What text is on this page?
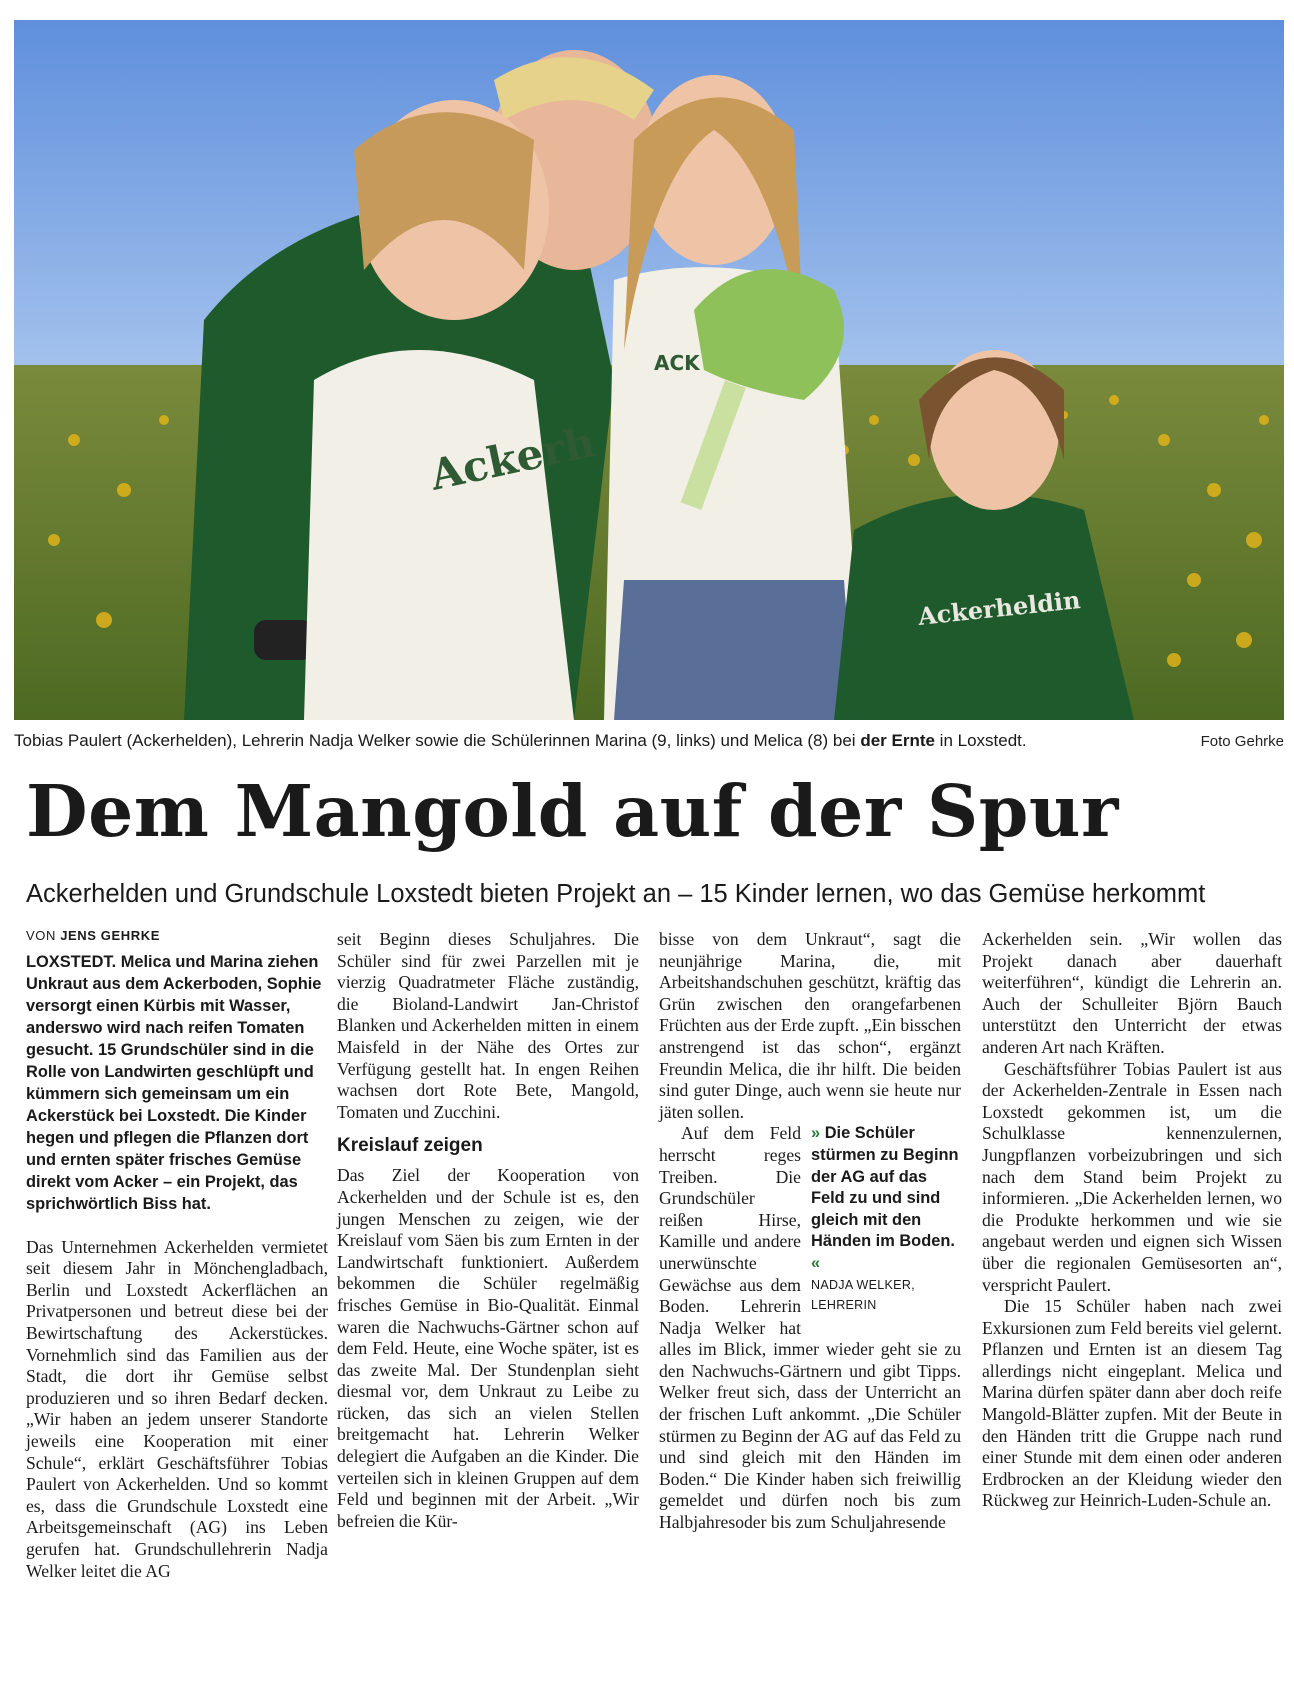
Ackerh
ACK
Ackerheldin
Tobias Paulert (Ackerhelden), Lehrerin Nadja Welker sowie die Schülerinnen Marina (9, links) und Melica (8) bei der Ernte in Loxstedt.	Foto Gehrke
Dem Mangold auf der Spur

Ackerhelden und Grundschule Loxstedt bieten Projekt an – 15 Kinder lernen, wo das Gemüse herkommt

VON JENS GEHRKE

LOXSTEDT. Melica und Marina ziehen Unkraut aus dem Ackerboden, Sophie versorgt einen Kürbis mit Wasser, anderswo wird nach reifen Tomaten gesucht. 15 Grundschüler sind in die Rolle von Landwirten geschlüpft und kümmern sich gemeinsam um ein Ackerstück bei Loxstedt. Die Kinder hegen und pflegen die Pflanzen dort und ernten später frisches Gemüse direkt vom Acker – ein Projekt, das sprichwörtlich Biss hat.

Das Unternehmen Ackerhelden vermietet seit diesem Jahr in Mönchengladbach, Berlin und Loxstedt Ackerflächen an Privatpersonen und betreut diese bei der Bewirtschaftung des Ackerstückes. Vornehmlich sind das Familien aus der Stadt, die dort ihr Gemüse selbst produzieren und so ihren Bedarf decken. „Wir haben an jedem unserer Standorte jeweils eine Kooperation mit einer Schule“, erklärt Geschäftsführer Tobias Paulert von Ackerhelden. Und so kommt es, dass die Grundschule Loxstedt eine Arbeitsgemeinschaft (AG) ins Leben gerufen hat. Grundschullehrerin Nadja Welker leitet die AG

seit Beginn dieses Schuljahres. Die Schüler sind für zwei Parzellen mit je vierzig Quadratmeter Fläche zuständig, die Bioland-Landwirt Jan-Christof Blanken und Ackerhelden mitten in einem Maisfeld in der Nähe des Ortes zur Verfügung gestellt hat. In engen Reihen wachsen dort Rote Bete, Mangold, Tomaten und Zucchini.

Kreislauf zeigen

Das Ziel der Kooperation von Ackerhelden und der Schule ist es, den jungen Menschen zu zeigen, wie der Kreislauf vom Säen bis zum Ernten in der Landwirtschaft funktioniert. Außerdem bekommen die Schüler regelmäßig frisches Gemüse in Bio-Qualität. Einmal waren die Nachwuchs-Gärtner schon auf dem Feld. Heute, eine Woche später, ist es das zweite Mal. Der Stundenplan sieht diesmal vor, dem Unkraut zu Leibe zu rücken, das sich an vielen Stellen breitgemacht hat. Lehrerin Welker delegiert die Aufgaben an die Kinder. Die verteilen sich in kleinen Gruppen auf dem Feld und beginnen mit der Arbeit. „Wir befreien die Kür-

bisse von dem Unkraut“, sagt die neunjährige Marina, die, mit Arbeitshandschuhen geschützt, kräftig das Grün zwischen den orangefarbenen Früchten aus der Erde zupft. „Ein bisschen anstrengend ist das schon“, ergänzt Freundin Melica, die ihr hilft. Die beiden sind guter Dinge, auch wenn sie heute nur jäten sollen.

» Die Schüler stürmen zu Beginn der AG auf das Feld zu und sind gleich mit den Händen im Boden. «
NADJA WELKER,
LEHRERIN

Auf dem Feld herrscht reges Treiben. Die Grundschüler reißen Hirse, Kamille und andere unerwünschte Gewächse aus dem Boden. Lehrerin Nadja Welker hat alles im Blick, immer wieder geht sie zu den Nachwuchs-Gärtnern und gibt Tipps. Welker freut sich, dass der Unterricht an der frischen Luft ankommt. „Die Schüler stürmen zu Beginn der AG auf das Feld zu und sind gleich mit den Händen im Boden.“ Die Kinder haben sich freiwillig gemeldet und dürfen noch bis zum Halbjahresoder bis zum Schuljahresende

Ackerhelden sein. „Wir wollen das Projekt danach aber dauerhaft weiterführen“, kündigt die Lehrerin an. Auch der Schulleiter Björn Bauch unterstützt den Unterricht der etwas anderen Art nach Kräften.

Geschäftsführer Tobias Paulert ist aus der Ackerhelden-Zentrale in Essen nach Loxstedt gekommen ist, um die Schulklasse kennenzulernen, Jungpflanzen vorbeizubringen und sich nach dem Stand beim Projekt zu informieren. „Die Ackerhelden lernen, wo die Produkte herkommen und wie sie angebaut werden und eignen sich Wissen über die regionalen Gemüsesorten an“, verspricht Paulert.

Die 15 Schüler haben nach zwei Exkursionen zum Feld bereits viel gelernt. Pflanzen und Ernten ist an diesem Tag allerdings nicht eingeplant. Melica und Marina dürfen später dann aber doch reife Mangold-Blätter zupfen. Mit der Beute in den Händen tritt die Gruppe nach rund einer Stunde mit dem einen oder anderen Erdbrocken an der Kleidung wieder den Rückweg zur Heinrich-Luden-Schule an.
